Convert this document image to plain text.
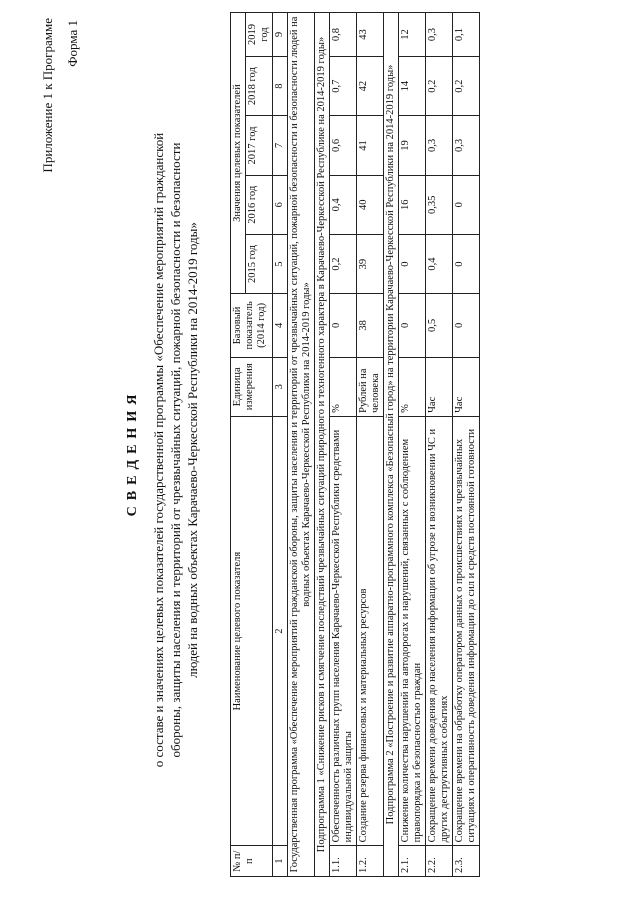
Приложение 1 к Программе Форма 1
СВЕДЕНИЯ о составе и значениях целевых показателей государственной программы «Обеспечение мероприятий гражданской обороны, защиты населения и территорий от чрезвычайных ситуаций, пожарной безопасности и безопасности людей на водных объектах Карачаево-Черкесской Республики на 2014-2019 годы»
№ п/п	Наименование целевого показателя	Единица измерения	Базовый показатель (2014 год)	Значения целевых показателей				
				2015 год	2016 год	2017 год	2018 год	2019 год
1	2	3	4	5	6	7	8	9
Государственная программа «Обеспечение мероприятий гражданской обороны, защиты населения и территорий от чрезвычайных ситуаций, пожарной безопасности и безопасности людей на водных объектах Карачаево-Черкесской Республики на 2014-2019 годы»								
Подпрограмма 1 «Снижение рисков и смягчение последствий чрезвычайных ситуаций природного и техногенного характера в Карачаево-Черкесской Республике на 2014-2019 годы»								
1.1.	Обеспеченность различных групп населения Карачаево-Черкесской Республики средствами индивидуальной защиты	%	0	0,2	0,4	0,6	0,7	0,8
1.2.	Создание резерва финансовых и материальных ресурсов	Рублей на человека	38	39	40	41	42	43
Подпрограмма 2 «Построение и развитие аппаратно-программного комплекса «Безопасный город» на территории Карачаево-Черкесской Республики на 2014-2019 годы»								
2.1.	Снижение количества нарушений на автодорогах и нарушений, связанных с соблюдением правопорядка и безопасностью граждан	%	0	0	16	19	14	12
2.2.	Сокращение времени доведения до населения информации об угрозе и возникновении ЧС и других деструктивных событиях	Час	0,5	0,4	0,35	0,3	0,2	0,3
2.3.	Сокращение времени на обработку оператором данных о происшествиях и чрезвычайных ситуациях и оперативность доведения информации до сил и средств постоянной готовности	Час	0	0	0	0,3	0,2	0,1
